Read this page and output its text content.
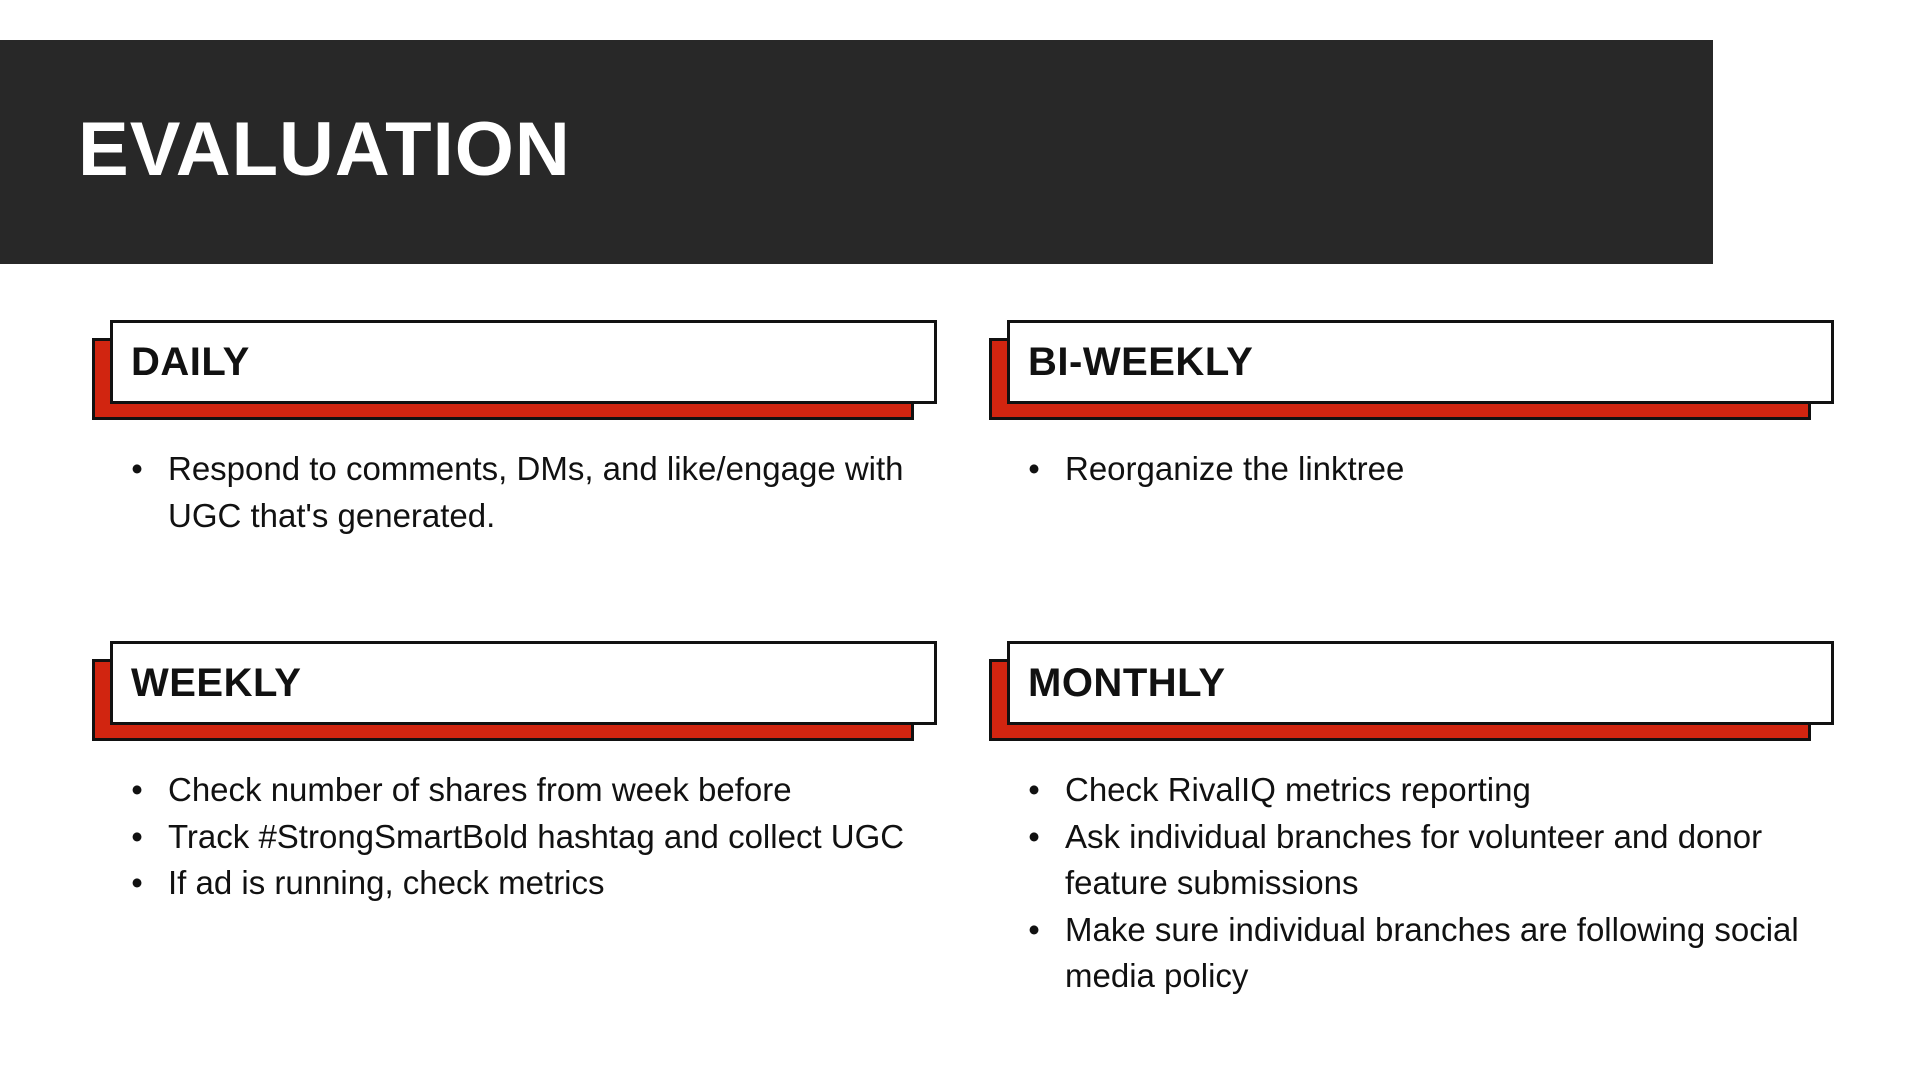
EVALUATION
DAILY
• Respond to comments, DMs, and like/engage with UGC that's generated.
BI-WEEKLY
• Reorganize the linktree
WEEKLY
• Check number of shares from week before
• Track #StrongSmartBold hashtag and collect UGC
• If ad is running, check metrics
MONTHLY
• Check RivalIQ metrics reporting
• Ask individual branches for volunteer and donor feature submissions
• Make sure individual branches are following social media policy
